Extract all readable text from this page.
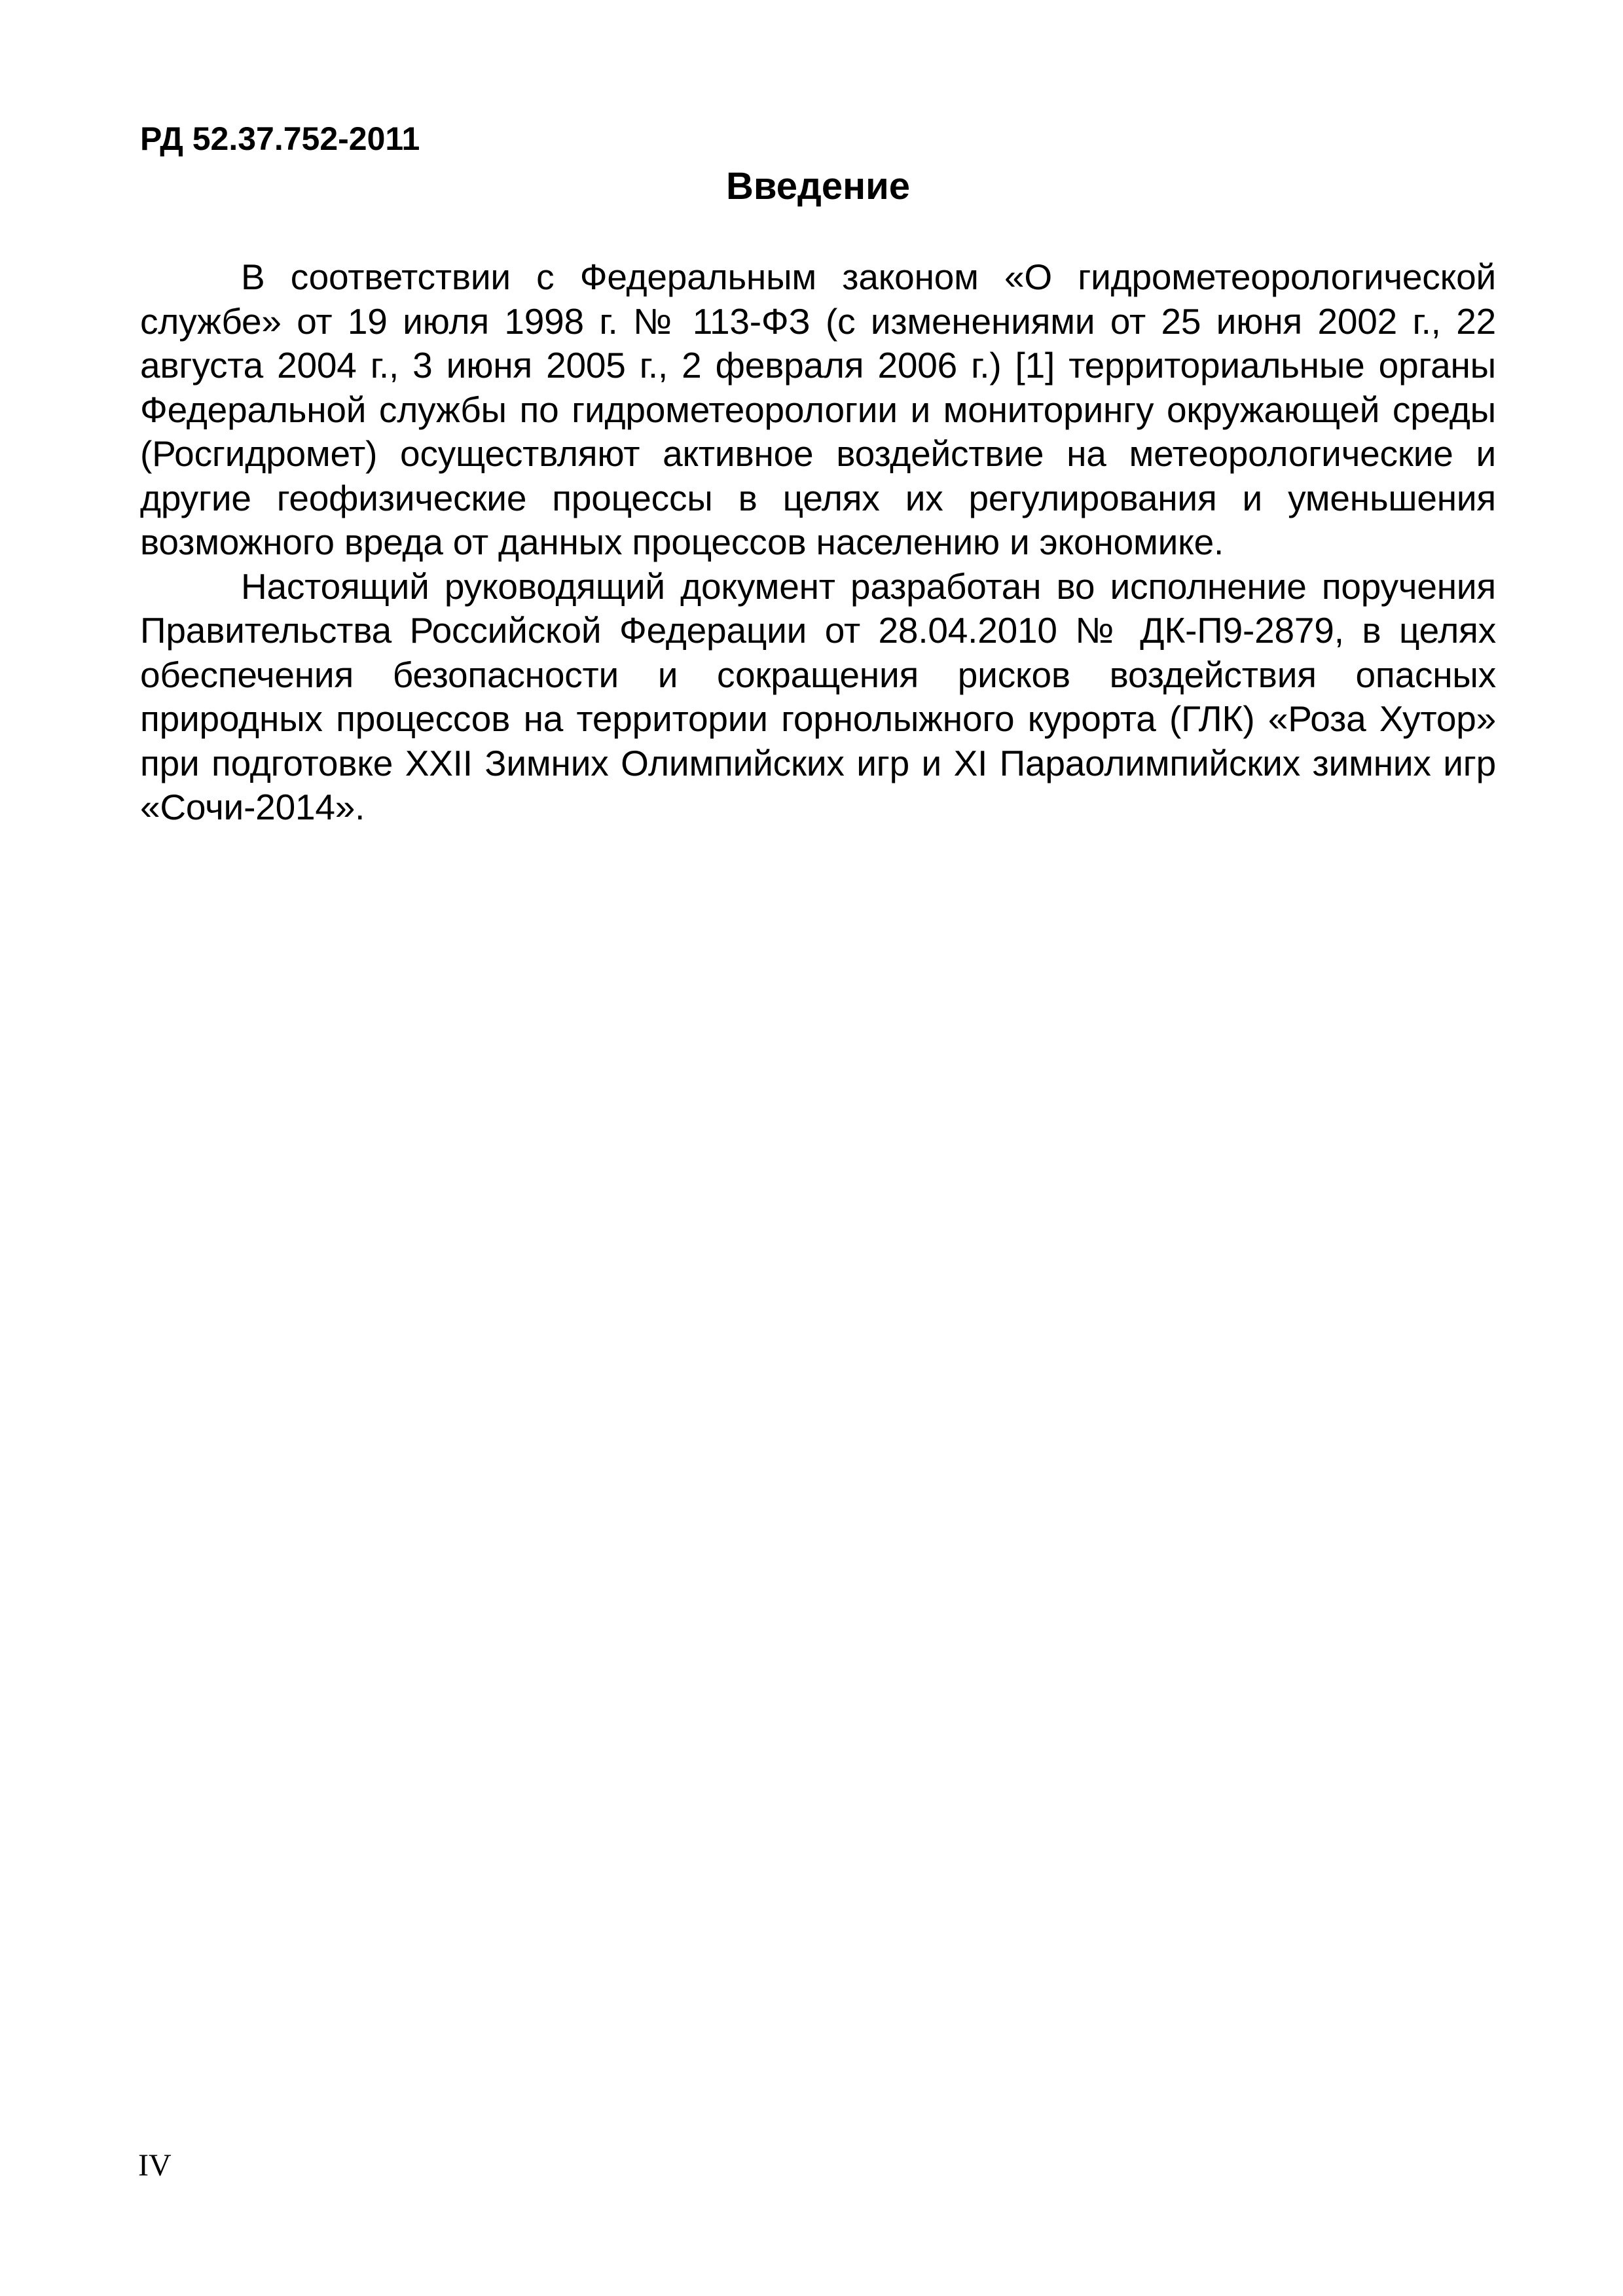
РД 52.37.752-2011
Введение

В соответствии с Федеральным законом «О гидрометеорологической службе» от 19 июля 1998 г. № 113-ФЗ (с изменениями от 25 июня 2002 г., 22 августа 2004 г., 3 июня 2005 г., 2 февраля 2006 г.) [1] территориальные органы Федеральной службы по гидрометеорологии и мониторингу окружающей среды (Росгидромет) осуществляют активное воздействие на метеорологические и другие геофизические процессы в целях их регулирования и уменьшения возможного вреда от данных процессов населению и экономике.

Настоящий руководящий документ разработан во исполнение поручения Правительства Российской Федерации от 28.04.2010 № ДК-П9-2879, в целях обеспечения безопасности и сокращения рисков воздействия опасных природных процессов на территории горнолыжного курорта (ГЛК) «Роза Хутор» при подготовке XXII Зимних Олимпийских игр и XI Параолимпийских зимних игр «Сочи-2014».

IV
